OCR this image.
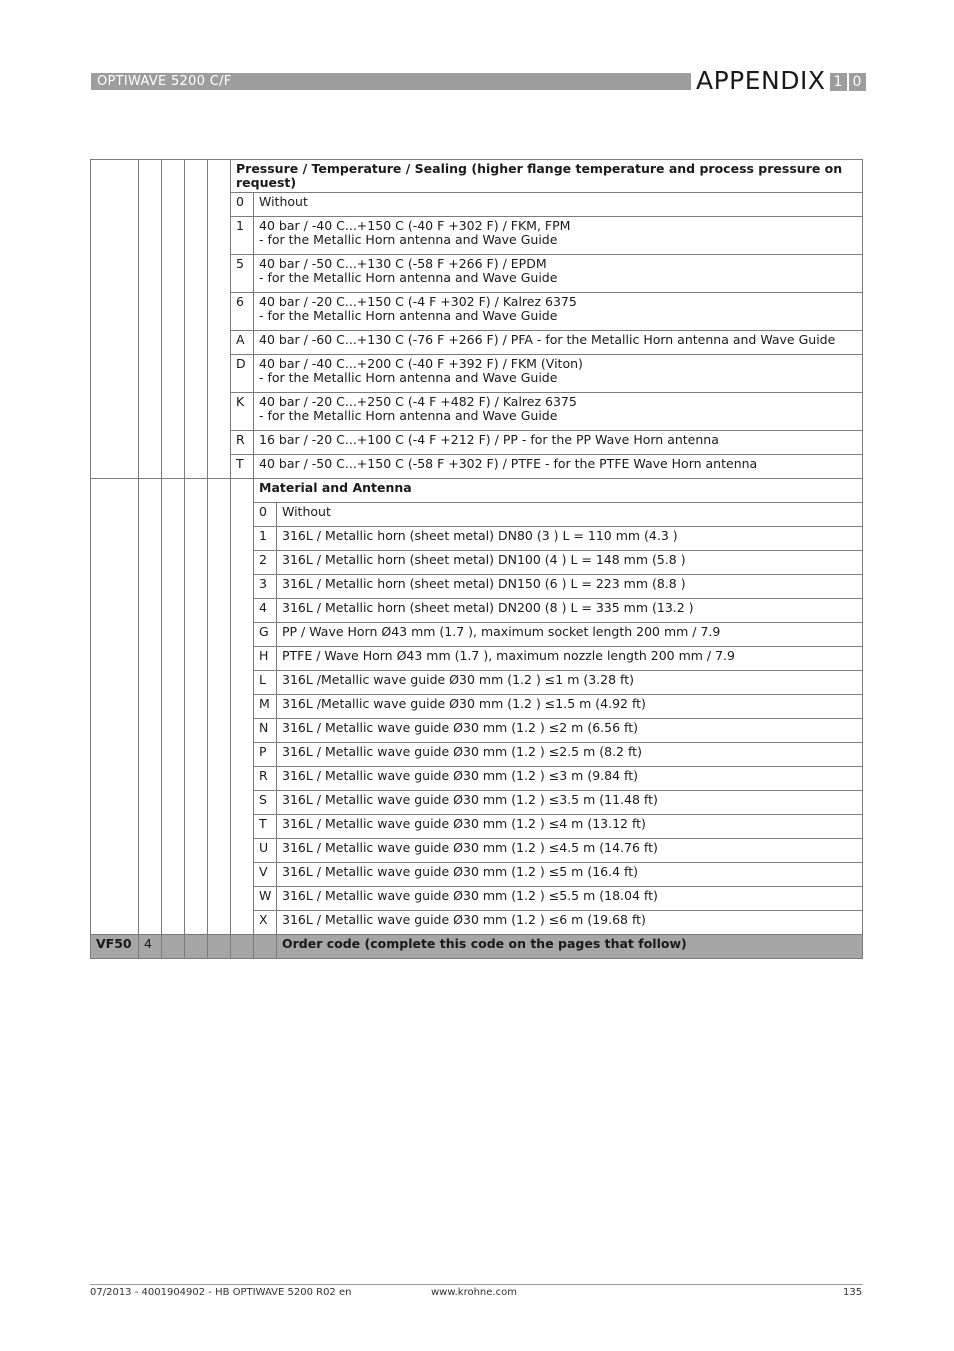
OPTIWAVE 5200 C/F	APPENDIX 1 0
					Pressure / Temperature / Sealing (higher flange temperature and process pressure on request)		
					0	Without	
					1	40 bar / -40 C...+150 C (-40 F +302 F) / FKM, FPM
- for the Metallic Horn antenna and Wave Guide	
					5	40 bar / -50 C...+130 C (-58 F +266 F) / EPDM
- for the Metallic Horn antenna and Wave Guide	
					6	40 bar / -20 C...+150 C (-4 F +302 F) / Kalrez 6375
- for the Metallic Horn antenna and Wave Guide	
					A	40 bar / -60 C...+130 C (-76 F +266 F) / PFA - for the Metallic Horn antenna and Wave Guide	
					D	40 bar / -40 C...+200 C (-40 F +392 F) / FKM (Viton)
- for the Metallic Horn antenna and Wave Guide	
					K	40 bar / -20 C...+250 C (-4 F +482 F) / Kalrez 6375
- for the Metallic Horn antenna and Wave Guide	
					R	16 bar / -20 C...+100 C (-4 F +212 F) / PP - for the PP Wave Horn antenna	
					T	40 bar / -50 C...+150 C (-58 F +302 F) / PTFE - for the PTFE Wave Horn antenna	
						Material and Antenna	
						0	Without
						1	316L / Metallic horn (sheet metal) DN80 (3 ) L = 110 mm (4.3 )
						2	316L / Metallic horn (sheet metal) DN100 (4 ) L = 148 mm (5.8 )
						3	316L / Metallic horn (sheet metal) DN150 (6 ) L = 223 mm (8.8 )
						4	316L / Metallic horn (sheet metal) DN200 (8 ) L = 335 mm (13.2 )
						G	PP / Wave Horn Ø43 mm (1.7 ), maximum socket length 200 mm / 7.9
						H	PTFE / Wave Horn Ø43 mm (1.7 ), maximum nozzle length 200 mm / 7.9
						L	316L /Metallic wave guide Ø30 mm (1.2 ) ≤1 m (3.28 ft)
						M	316L /Metallic wave guide Ø30 mm (1.2 ) ≤1.5 m (4.92 ft)
						N	316L / Metallic wave guide Ø30 mm (1.2 ) ≤2 m (6.56 ft)
						P	316L / Metallic wave guide Ø30 mm (1.2 ) ≤2.5 m (8.2 ft)
						R	316L / Metallic wave guide Ø30 mm (1.2 ) ≤3 m (9.84 ft)
						S	316L / Metallic wave guide Ø30 mm (1.2 ) ≤3.5 m (11.48 ft)
						T	316L / Metallic wave guide Ø30 mm (1.2 ) ≤4 m (13.12 ft)
						U	316L / Metallic wave guide Ø30 mm (1.2 ) ≤4.5 m (14.76 ft)
						V	316L / Metallic wave guide Ø30 mm (1.2 ) ≤5 m (16.4 ft)
						W	316L / Metallic wave guide Ø30 mm (1.2 ) ≤5.5 m (18.04 ft)
						X	316L / Metallic wave guide Ø30 mm (1.2 ) ≤6 m (19.68 ft)
VF50	4						Order code (complete this code on the pages that follow)
07/2013 - 4001904902 - HB OPTIWAVE 5200 R02 en	www.krohne.com	135
